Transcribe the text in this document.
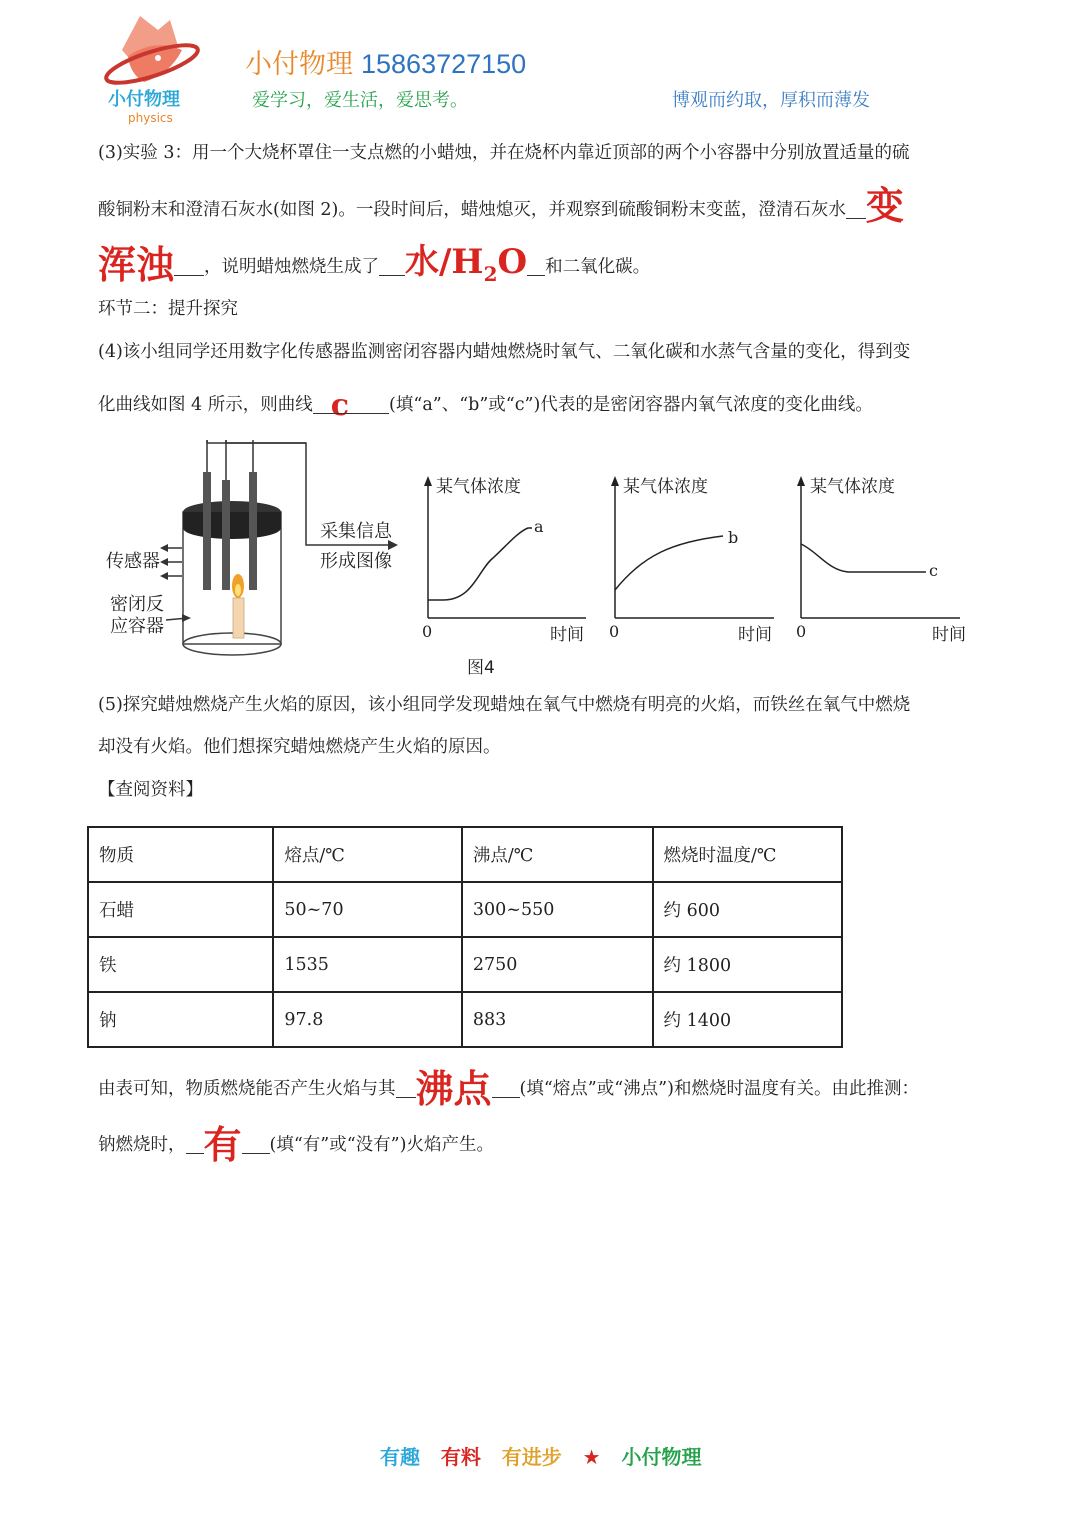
小付物理
physics
小付物理 15863727150
爱学习，爱生活，爱思考。	博观而约取，厚积而薄发
(3)实验 3：用一个大烧杯罩住一支点燃的小蜡烛，并在烧杯内靠近顶部的两个小容器中分别放置适量的硫
酸铜粉末和澄清石灰水(如图 2)。一段时间后，蜡烛熄灭，并观察到硫酸铜粉末变蓝，澄清石灰水 变
浑浊 ，说明蜡烛燃烧生成了 水$/H_2O$ 和二氧化碳。
环节二：提升探究
(4)该小组同学还用数字化传感器监测密闭容器内蜡烛燃烧时氧气、二氧化碳和水蒸气含量的变化，得到变
化曲线如图 4 所示，则曲线 c (填“a”、“b”或“c”)代表的是密闭容器内氧气浓度的变化曲线。
传感器
密闭反
应容器
采集信息
形成图像
某气体浓度
0	时间
a
某气体浓度
0	时间
b
某气体浓度
0	时间
c
图4
(5)探究蜡烛燃烧产生火焰的原因，该小组同学发现蜡烛在氧气中燃烧有明亮的火焰，而铁丝在氧气中燃烧
却没有火焰。他们想探究蜡烛燃烧产生火焰的原因。
【查阅资料】
物质	熔点/℃	沸点/℃	燃烧时温度/℃
石蜡	50~70	300~550	约 600
铁	1535	2750	约 1800
钠	97.8	883	约 1400
由表可知，物质燃烧能否产生火焰与其 沸点 (填“熔点”或“沸点”)和燃烧时温度有关。由此推测：
钠燃烧时， 有 (填“有”或“没有”)火焰产生。
有趣 有料 有进步 ★ 小付物理
